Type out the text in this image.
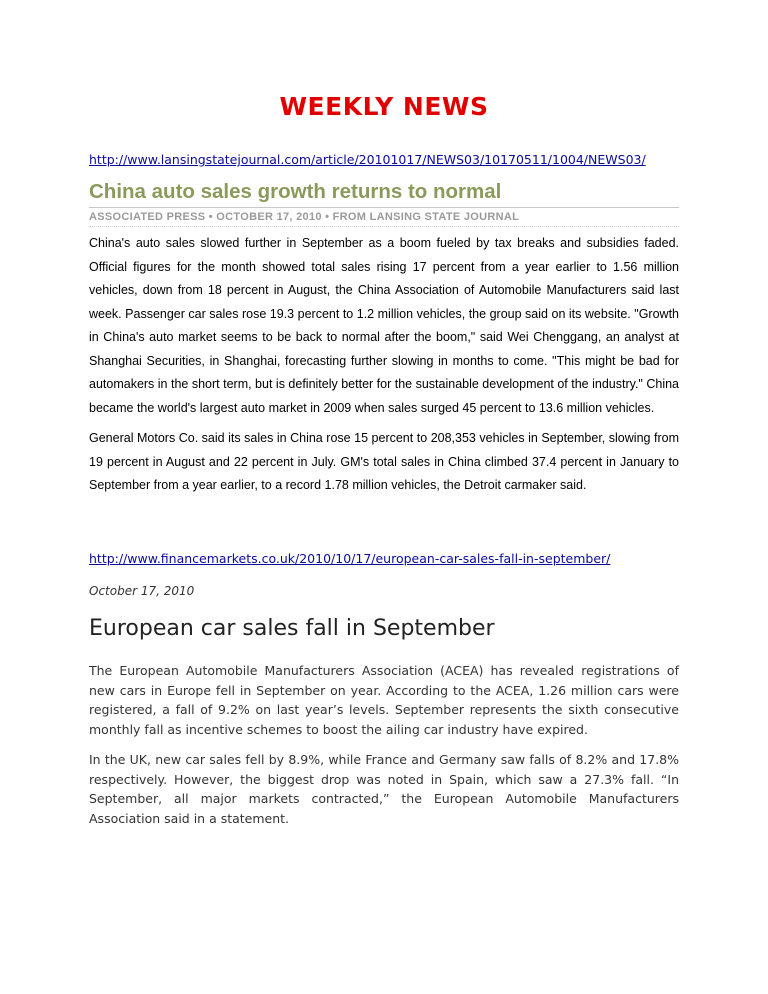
WEEKLY NEWS
http://www.lansingstatejournal.com/article/20101017/NEWS03/10170511/1004/NEWS03/
China auto sales growth returns to normal
ASSOCIATED PRESS • OCTOBER 17, 2010 • FROM LANSING STATE JOURNAL
China's auto sales slowed further in September as a boom fueled by tax breaks and subsidies faded. Official figures for the month showed total sales rising 17 percent from a year earlier to 1.56 million vehicles, down from 18 percent in August, the China Association of Automobile Manufacturers said last week. Passenger car sales rose 19.3 percent to 1.2 million vehicles, the group said on its website. "Growth in China's auto market seems to be back to normal after the boom," said Wei Chenggang, an analyst at Shanghai Securities, in Shanghai, forecasting further slowing in months to come. "This might be bad for automakers in the short term, but is definitely better for the sustainable development of the industry." China became the world's largest auto market in 2009 when sales surged 45 percent to 13.6 million vehicles.
General Motors Co. said its sales in China rose 15 percent to 208,353 vehicles in September, slowing from 19 percent in August and 22 percent in July. GM's total sales in China climbed 37.4 percent in January to September from a year earlier, to a record 1.78 million vehicles, the Detroit carmaker said.
http://www.financemarkets.co.uk/2010/10/17/european-car-sales-fall-in-september/
October 17, 2010
European car sales fall in September
The European Automobile Manufacturers Association (ACEA) has revealed registrations of new cars in Europe fell in September on year. According to the ACEA, 1.26 million cars were registered, a fall of 9.2% on last year’s levels. September represents the sixth consecutive monthly fall as incentive schemes to boost the ailing car industry have expired.
In the UK, new car sales fell by 8.9%, while France and Germany saw falls of 8.2% and 17.8% respectively. However, the biggest drop was noted in Spain, which saw a 27.3% fall. “In September, all major markets contracted,” the European Automobile Manufacturers Association said in a statement.
